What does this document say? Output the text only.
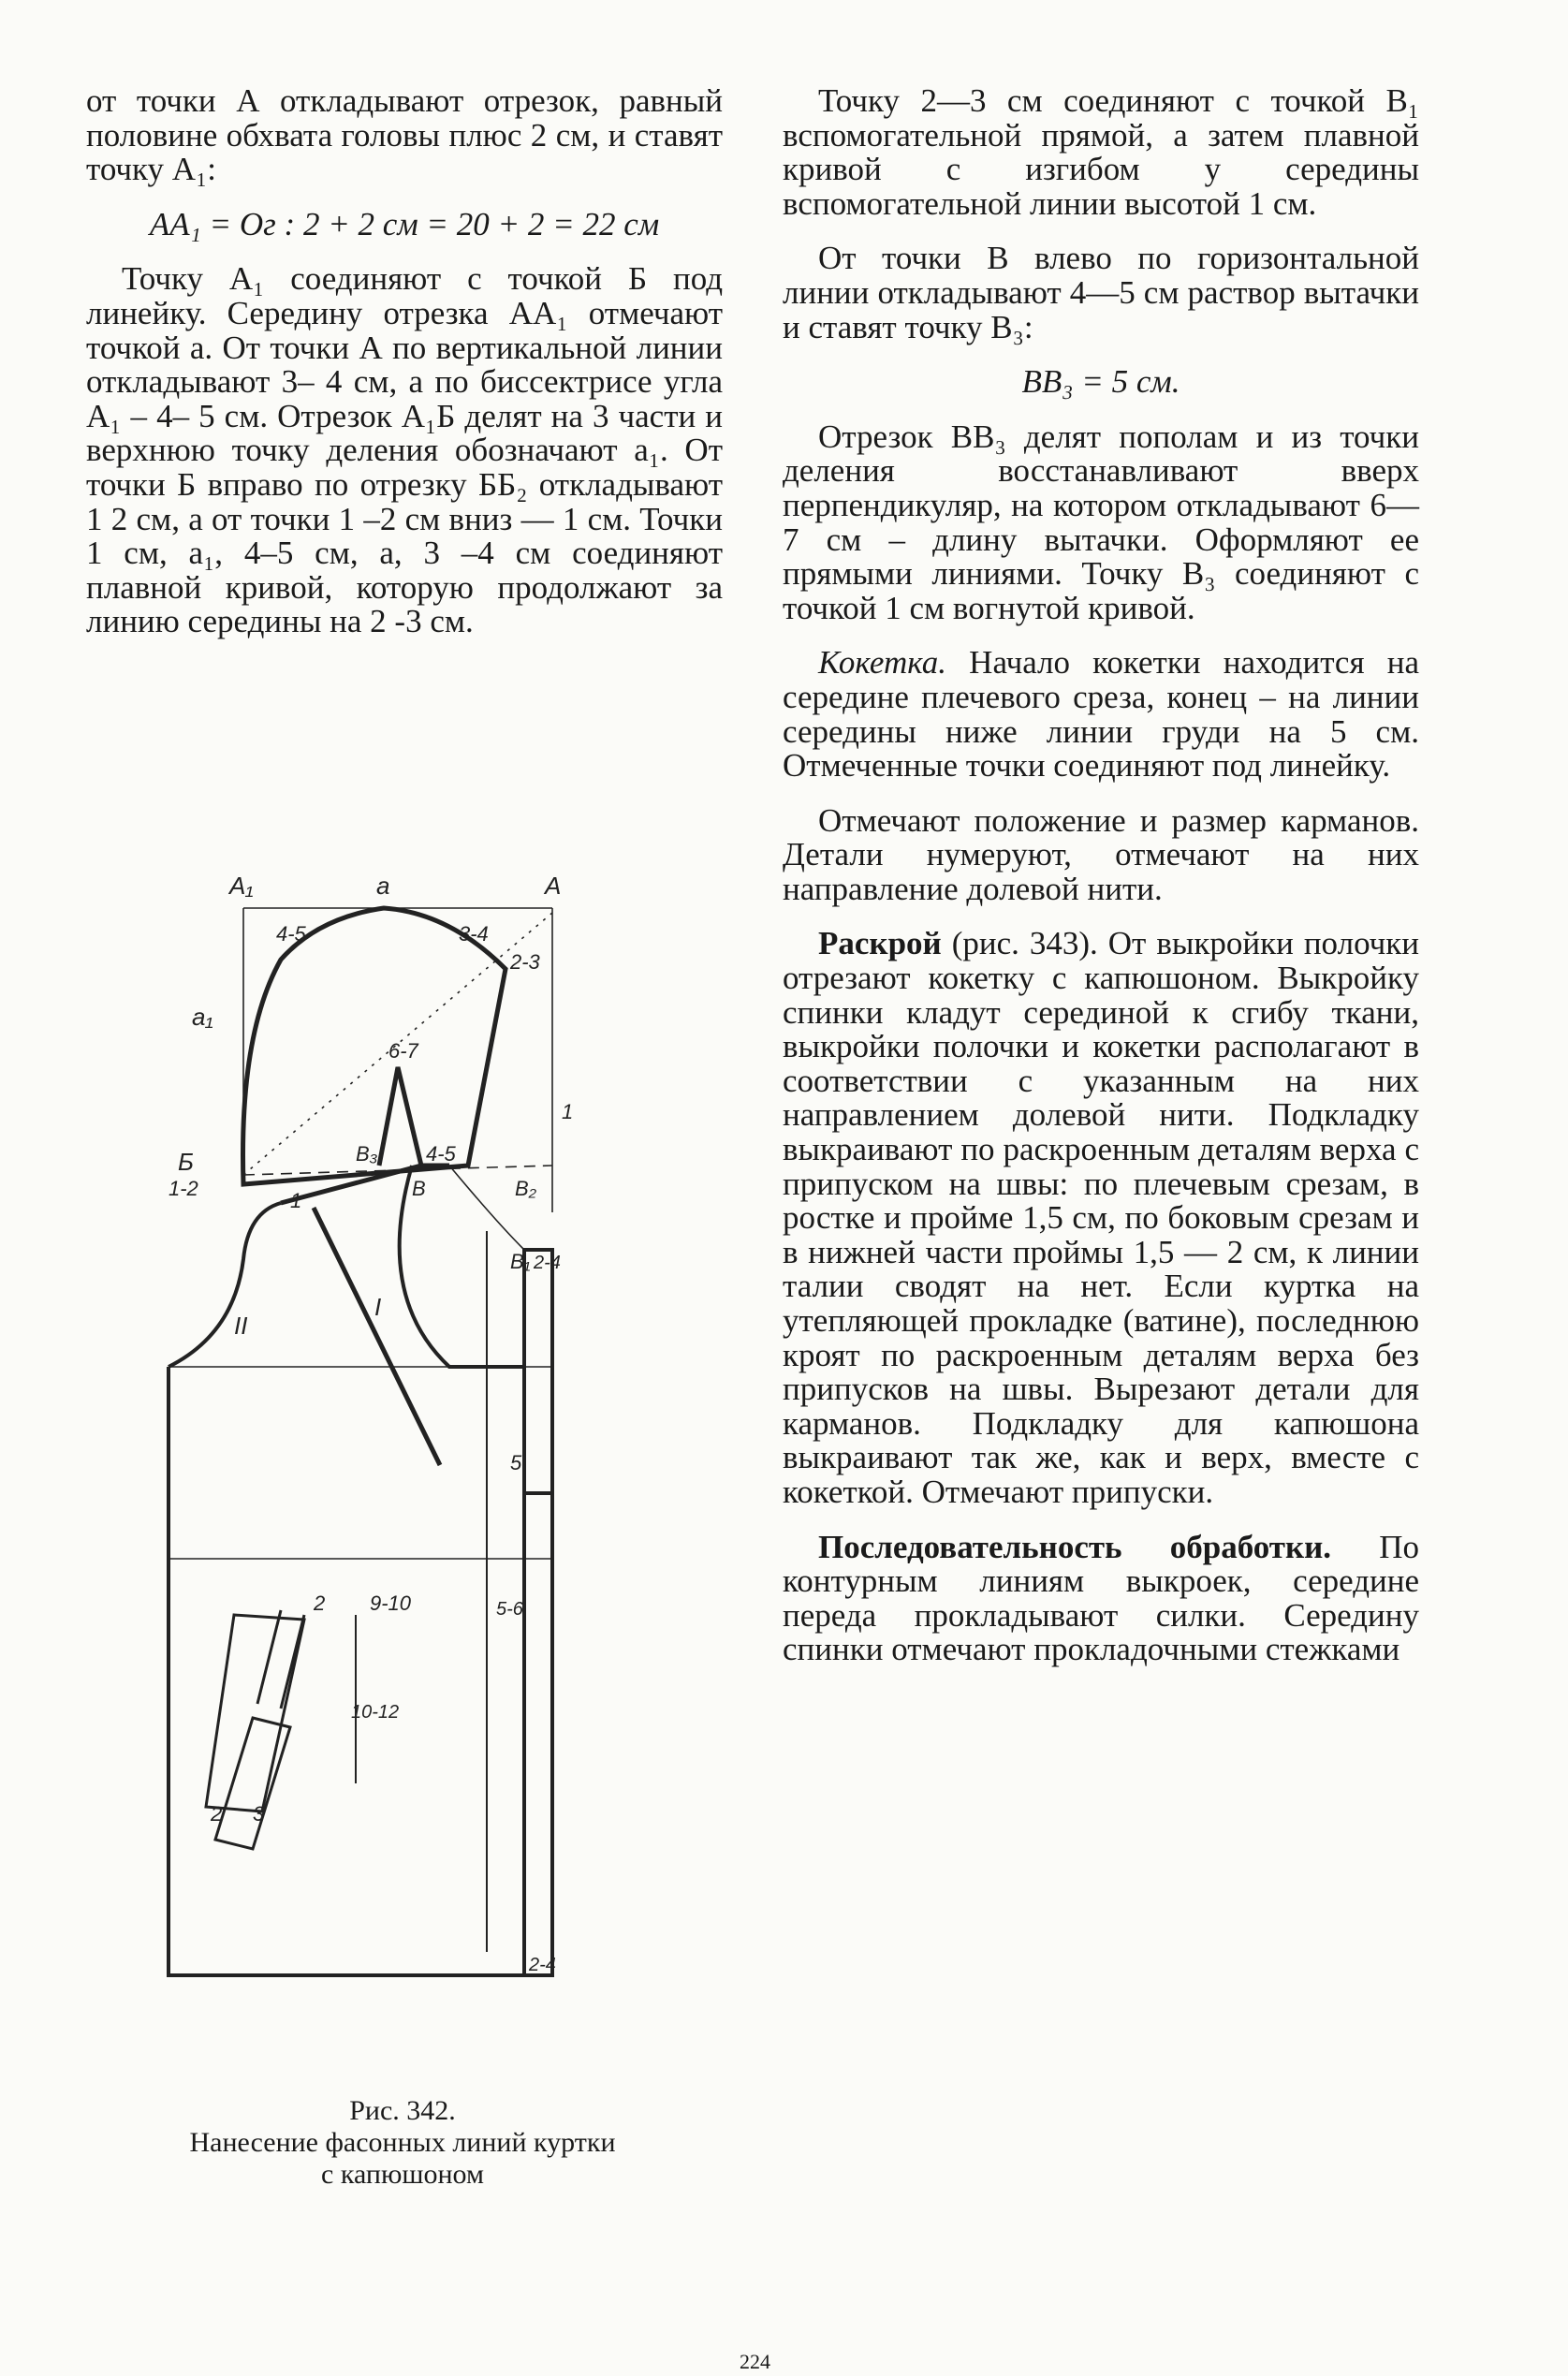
от точки А откладывают отрезок, равный половине обхвата головы плюс 2 см, и ставят точку А₁:

АА₁ = Ог : 2 + 2 см = 20 + 2 = 22 см

Точку А₁ соединяют с точкой Б под линейку. Середину отрезка АА₁ отмечают точкой а. От точки А по вертикальной линии откладывают 3– 4 см, а по биссектрисе угла А₁ – 4– 5 см. Отрезок А₁Б делят на 3 части и верхнюю точку деления обозначают а₁. От точки Б вправо по отрезку ББ₂ откладывают 1 2 см, а от точки 1 –2 см вниз — 1 см. Точки 1 см, а₁, 4–5 см, а, 3 –4 см соединяют плавной кривой, которую продолжают за линию середины на 2 -3 см.

Точку 2—3 см соединяют с точкой В₁ вспомогательной прямой, а затем плавной кривой с изгибом у середины вспомогательной линии высотой 1 см.

От точки В влево по горизонтальной линии откладывают 4—5 см раствор вытачки и ставят точку В₃:

ВВ₃ = 5 см.

Отрезок ВВ₃ делят пополам и из точки деления восстанавливают вверх перпендикуляр, на котором откладывают 6—7 см – длину вытачки. Оформляют ее прямыми линиями. Точку В₃ соединяют с точкой 1 см вогнутой кривой.

Кокетка. Начало кокетки находится на середине плечевого среза, конец – на линии середины ниже линии груди на 5 см. Отмеченные точки соединяют под линейку.

Отмечают положение и размер карманов. Детали нумеруют, отмечают на них направление долевой нити.

Раскрой (рис. 343). От выкройки полочки отрезают кокетку с капюшоном. Выкройку спинки кладут серединой к сгибу ткани, выкройки полочки и кокетки располагают в соответствии с указанным на них направлением долевой нити. Подкладку выкраивают по раскроенным деталям верха с припуском на швы: по плечевым срезам, в ростке и пройме 1,5 см, по боковым срезам и в нижней части проймы 1,5 — 2 см, к линии талии сводят на нет. Если куртка на утепляющей прокладке (ватине), последнюю кроят по раскроенным деталям верха без припусков на швы. Вырезают детали для карманов. Подкладку для капюшона выкраивают так же, как и верх, вместе с кокеткой. Отмечают припуски.

Последовательность обработки. По контурным линиям выкроек, середине переда прокладывают силки. Середину спинки отмечают прокладочными стежками

А₁	а	А
4-5	3-4
2-3
а₁
6-7
В₃ 4-5
Б
1-2
1
В	В₂
1
В₁ 2-4
I
II
5
2 9-10	5-6
10-12
2 3
2-4
Рис. 342.
Нанесение фасонных линий куртки
с капюшоном
224
